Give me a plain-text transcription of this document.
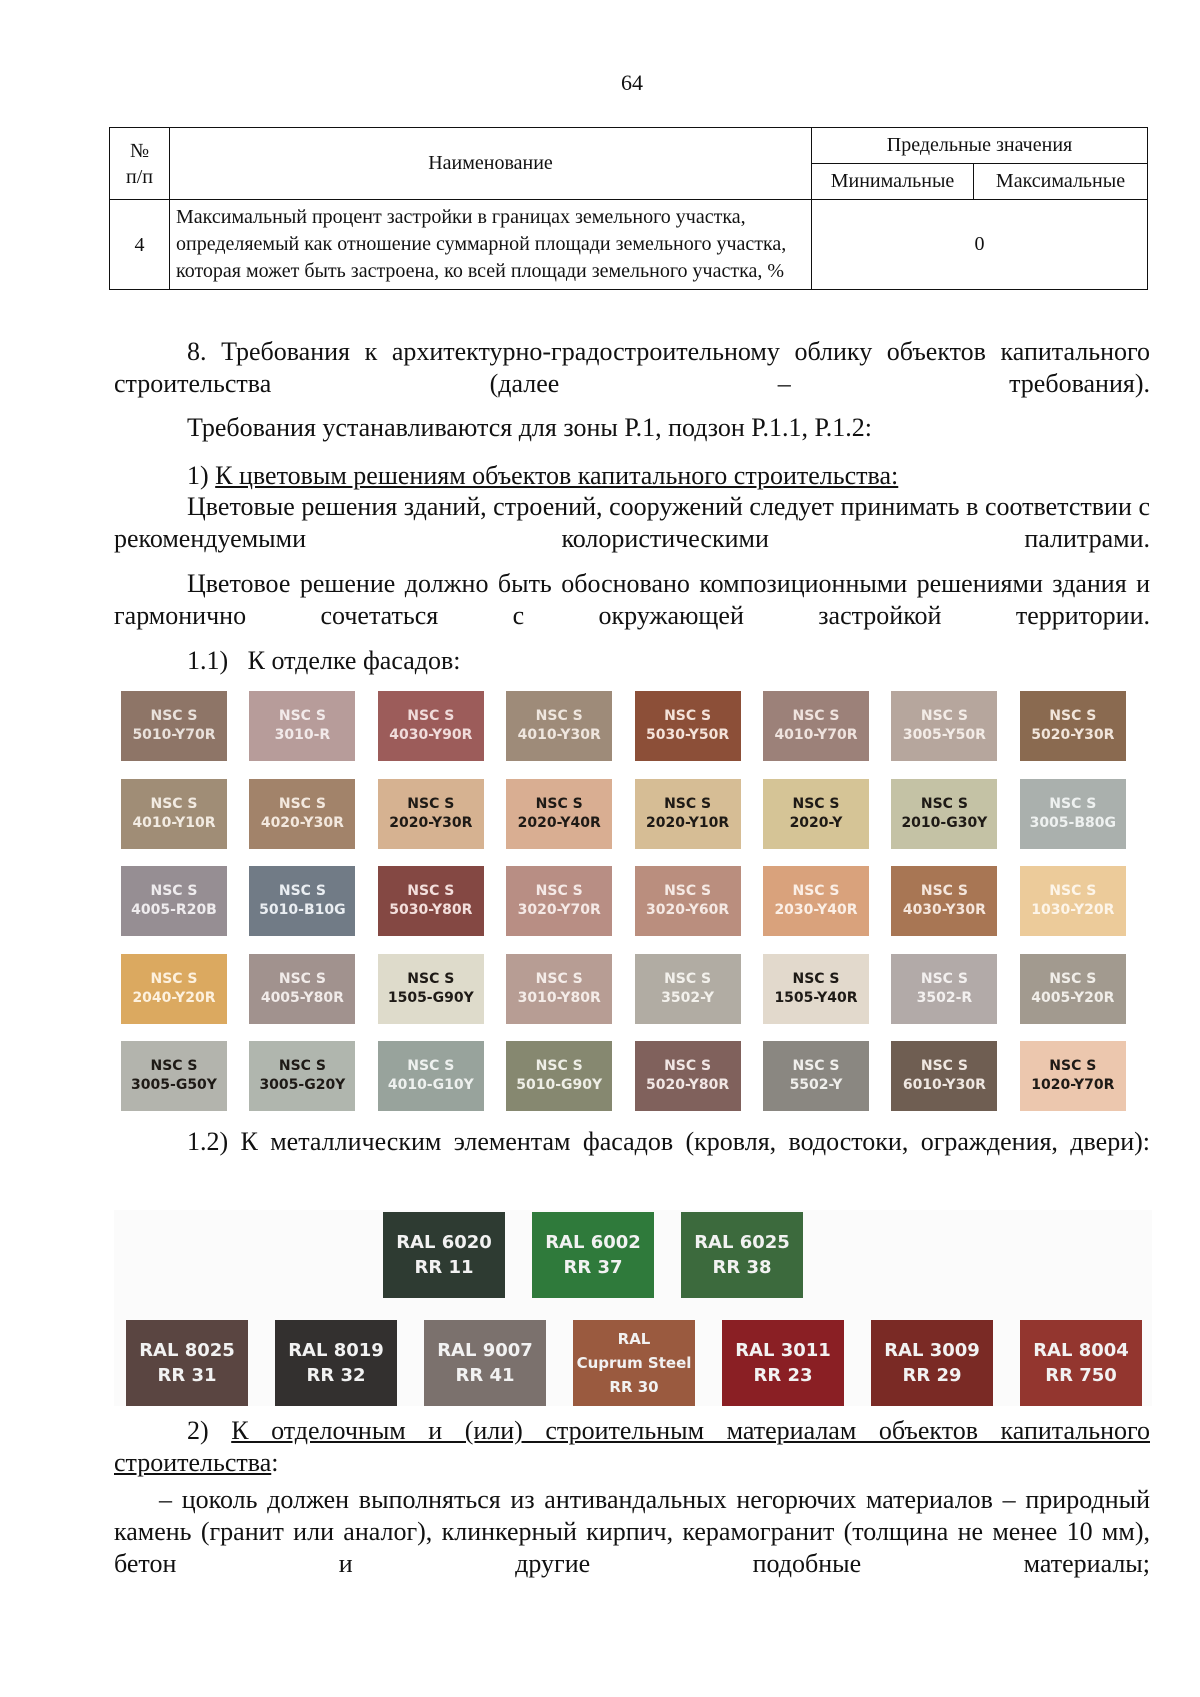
64
№
п/п	Наименование	Предельные значения	
		Минимальные	Максимальные
4	Максимальный процент застройки в границах земельного участка, определяемый как отношение суммарной площади земельного участка, которая может быть застроена, ко всей площади земельного участка, %	0	
8. Требования к архитектурно-градостроительному облику объектов капитального строительства (далее – требования).
Требования устанавливаются для зоны Р.1, подзон Р.1.1, Р.1.2:
1) К цветовым решениям объектов капитального строительства:
Цветовые решения зданий, строений, сооружений следует принимать в соответствии с рекомендуемыми колористическими палитрами.
Цветовое решение должно быть обосновано композиционными решениями здания и гармонично сочетаться с окружающей застройкой территории.
1.1)   К отделке фасадов:
NSC S
5010-Y70R
NSC S
3010-R
NSC S
4030-Y90R
NSC S
4010-Y30R
NSC S
5030-Y50R
NSC S
4010-Y70R
NSC S
3005-Y50R
NSC S
5020-Y30R
NSC S
4010-Y10R
NSC S
4020-Y30R
NSC S
2020-Y30R
NSC S
2020-Y40R
NSC S
2020-Y10R
NSC S
2020-Y
NSC S
2010-G30Y
NSC S
3005-B80G
NSC S
4005-R20B
NSC S
5010-B10G
NSC S
5030-Y80R
NSC S
3020-Y70R
NSC S
3020-Y60R
NSC S
2030-Y40R
NSC S
4030-Y30R
NSC S
1030-Y20R
NSC S
2040-Y20R
NSC S
4005-Y80R
NSC S
1505-G90Y
NSC S
3010-Y80R
NSC S
3502-Y
NSC S
1505-Y40R
NSC S
3502-R
NSC S
4005-Y20R
NSC S
3005-G50Y
NSC S
3005-G20Y
NSC S
4010-G10Y
NSC S
5010-G90Y
NSC S
5020-Y80R
NSC S
5502-Y
NSC S
6010-Y30R
NSC S
1020-Y70R
1.2) К металлическим элементам фасадов (кровля, водостоки, ограждения, двери):
RAL 6020
RR 11
RAL 6002
RR 37
RAL 6025
RR 38
RAL 8025
RR 31
RAL 8019
RR 32
RAL 9007
RR 41
RAL
Cuprum Steel
RR 30
RAL 3011
RR 23
RAL 3009
RR 29
RAL 8004
RR 750
2) К отделочным и (или) строительным материалам объектов капитального строительства:
– цоколь должен выполняться из антивандальных негорючих материалов – природный камень (гранит или аналог), клинкерный кирпич, керамогранит (толщина не менее 10 мм), бетон и другие подобные материалы;
